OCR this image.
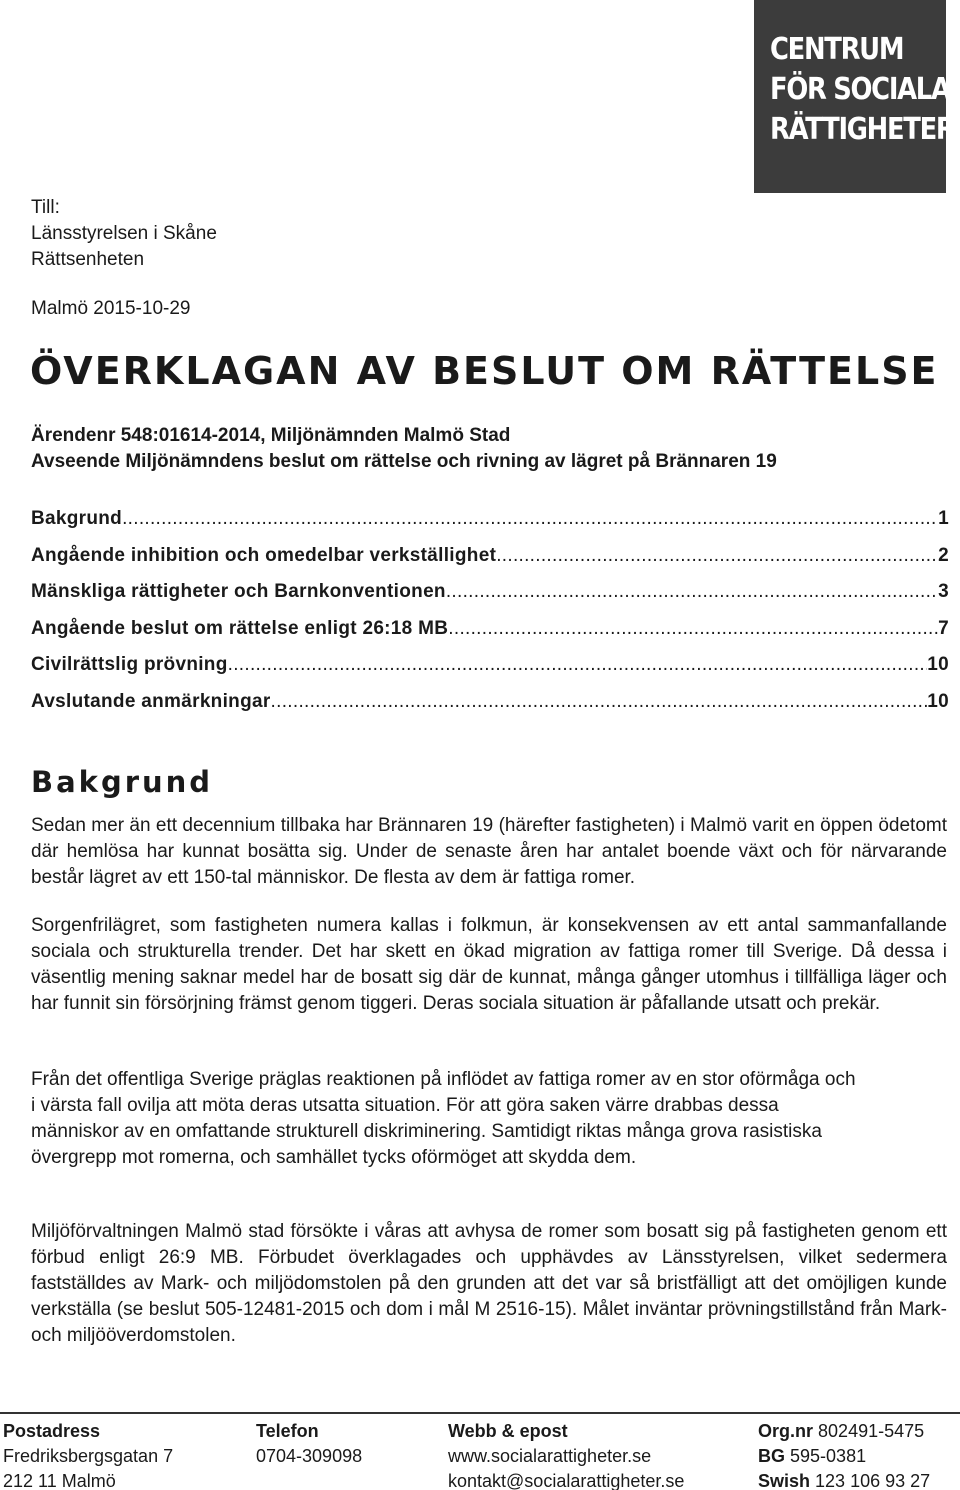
CENTRUM
FÖR SOCIALA
RÄTTIGHETER
Till:
Länsstyrelsen i Skåne
Rättsenheten
Malmö 2015-10-29
ÖVERKLAGAN AV BESLUT OM RÄTTELSE
Ärendenr 548:01614-2014, Miljönämnden Malmö Stad
Avseende Miljönämndens beslut om rättelse och rivning av lägret på Brännaren 19
Bakgrund .....	1
Angående inhibition och omedelbar verkställighet .....	2
Mänskliga rättigheter och Barnkonventionen .....	3
Angående beslut om rättelse enligt 26:18 MB .....	7
Civilrättslig prövning .....	10
Avslutande anmärkningar .....	10
Bakgrund

Sedan mer än ett decennium tillbaka har Brännaren 19 (härefter fastigheten) i Malmö varit en öppen ödetomt där hemlösa har kunnat bosätta sig. Under de senaste åren har antalet boende växt och för närvarande består lägret av ett 150-tal människor. De flesta av dem är fattiga romer.

Sorgenfrilägret, som fastigheten numera kallas i folkmun, är konsekvensen av ett antal sammanfallande sociala och strukturella trender. Det har skett en ökad migration av fattiga romer till Sverige. Då dessa i väsentlig mening saknar medel har de bosatt sig där de kunnat, många gånger utomhus i tillfälliga läger och har funnit sin försörjning främst genom tiggeri. Deras sociala situation är påfallande utsatt och prekär.

Från det offentliga Sverige präglas reaktionen på inflödet av fattiga romer av en stor oförmåga och i värsta fall ovilja att möta deras utsatta situation. För att göra saken värre drabbas dessa människor av en omfattande strukturell diskriminering. Samtidigt riktas många grova rasistiska övergrepp mot romerna, och samhället tycks oförmöget att skydda dem.

Miljöförvaltningen Malmö stad försökte i våras att avhysa de romer som bosatt sig på fastigheten genom ett förbud enligt 26:9 MB. Förbudet överklagades och upphävdes av Länsstyrelsen, vilket sedermera fastställdes av Mark- och miljödomstolen på den grunden att det var så bristfälligt att det omöjligen kunde verkställa (se beslut 505-12481-2015 och dom i mål M 2516-15). Målet inväntar prövningstillstånd från Mark- och miljööverdomstolen.

Postadress
Fredriksbergsgatan 7
212 11 Malmö
Telefon
0704-309098
Webb & epost
www.socialarattigheter.se
kontakt@socialarattigheter.se
Org.nr 802491-5475
BG 595-0381
Swish 123 106 93 27
